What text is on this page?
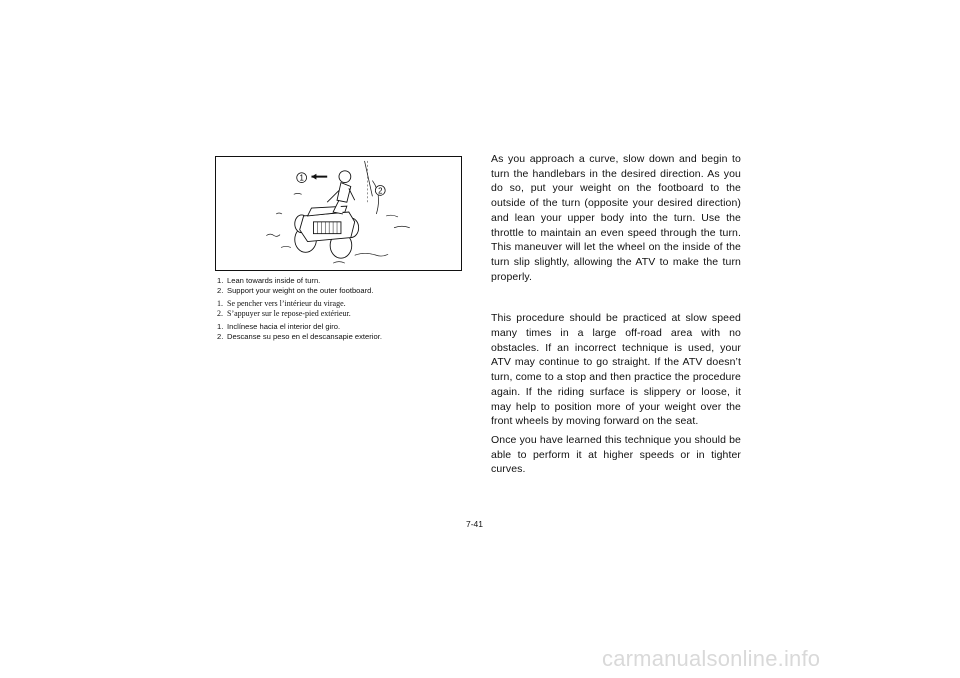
1
2
1. Lean towards inside of turn.
2. Support your weight on the outer footboard.
1. Se pencher vers l’intérieur du virage.
2. S’appuyer sur le repose-pied extérieur.
1. Inclínese hacia el interior del giro.
2. Descanse su peso en el descansapie exterior.

As you approach a curve, slow down and begin to turn the handlebars in the desired direction. As you do so, put your weight on the footboard to the outside of the turn (opposite your desired direction) and lean your upper body into the turn. Use the throttle to maintain an even speed through the turn. This maneuver will let the wheel on the inside of the turn slip slightly, allowing the ATV to make the turn properly.

This procedure should be practiced at slow speed many times in a large off-road area with no obstacles. If an incorrect technique is used, your ATV may continue to go straight. If the ATV doesn’t turn, come to a stop and then practice the procedure again. If the riding surface is slippery or loose, it may help to position more of your weight over the front wheels by moving forward on the seat.

Once you have learned this technique you should be able to perform it at higher speeds or in tighter curves.

7-41
carmanualsonline.info
